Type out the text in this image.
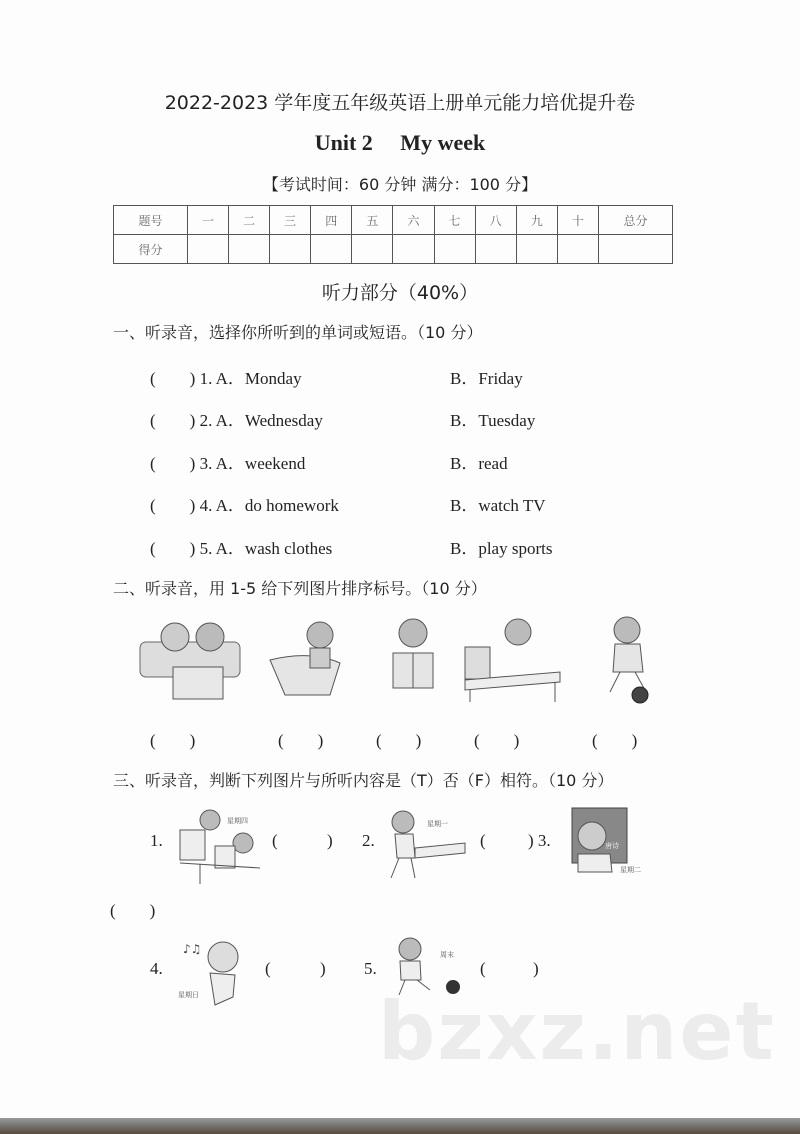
2022-2023 学年度五年级英语上册单元能力培优提升卷
Unit 2　 My week
【考试时间：60 分钟 满分：100 分】
题号	一	二	三	四	五	六	七	八	九	十	总分
得分											
听力部分（40%）
一、听录音，选择你所听到的单词或短语。（10 分）
(　　) 1. A．Monday	B．Friday
(　　) 2. A．Wednesday	B．Tuesday
(　　) 3. A．weekend	B．read
(　　) 4. A．do homework	B．watch TV
(　　) 5. A．wash clothes	B．play sports
二、听录音，用 1-5 给下列图片排序标号。（10 分）
(　　)	(　　)	(　　)	(　　)	(　　)
三、听录音，判断下列图片与所听内容是（T）否（F）相符。（10 分）
1.
星期四
(	) 2.
星期一
( ) 3.	唐诗
星期二
(　　)
4.
♪♫
星期日
(	) 5.
周末
(	)
bzxz.net
